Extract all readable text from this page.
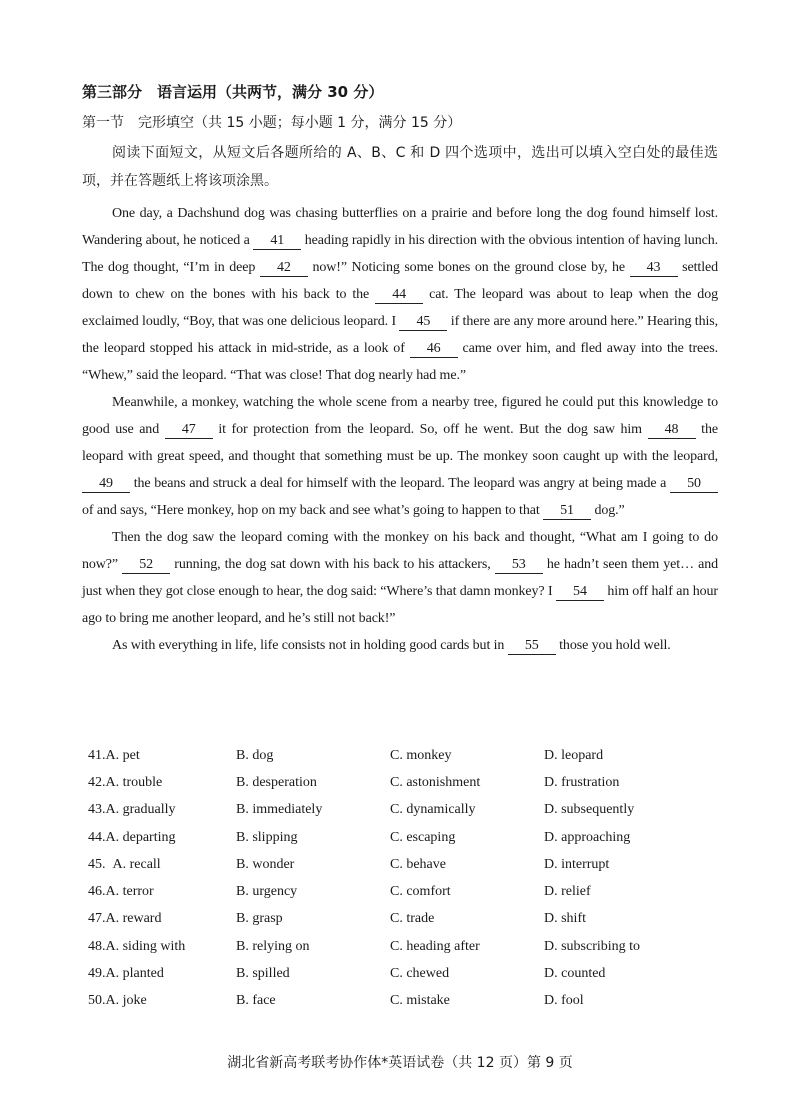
第三部分　语言运用（共两节，满分 30 分）
第一节　完形填空（共 15 小题；每小题 1 分，满分 15 分）

阅读下面短文，从短文后各题所给的 A、B、C 和 D 四个选项中，选出可以填入空白处的最佳选项，并在答题纸上将该项涂黑。

One day, a Dachshund dog was chasing butterflies on a prairie and before long the dog found himself lost. Wandering about, he noticed a 41 heading rapidly in his direction with the obvious intention of having lunch. The dog thought, “I’m in deep 42 now!” Noticing some bones on the ground close by, he 43 settled down to chew on the bones with his back to the 44 cat. The leopard was about to leap when the dog exclaimed loudly, “Boy, that was one delicious leopard. I 45 if there are any more around here.” Hearing this, the leopard stopped his attack in mid-stride, as a look of 46 came over him, and fled away into the trees. “Whew,” said the leopard. “That was close! That dog nearly had me.”

Meanwhile, a monkey, watching the whole scene from a nearby tree, figured he could put this knowledge to good use and 47 it for protection from the leopard. So, off he went. But the dog saw him 48 the leopard with great speed, and thought that something must be up. The monkey soon caught up with the leopard, 49 the beans and struck a deal for himself with the leopard. The leopard was angry at being made a 50 of and says, “Here monkey, hop on my back and see what’s going to happen to that 51 dog.”

Then the dog saw the leopard coming with the monkey on his back and thought, “What am I going to do now?” 52 running, the dog sat down with his back to his attackers, 53 he hadn’t seen them yet… and just when they got close enough to hear, the dog said: “Where’s that damn monkey? I 54 him off half an hour ago to bring me another leopard, and he’s still not back!”

As with everything in life, life consists not in holding good cards but in 55 those you hold well.

41.A. pet	B. dog	C. monkey	D. leopard
42.A. trouble	B. desperation	C. astonishment	D. frustration
43.A. gradually	B. immediately	C. dynamically	D. subsequently
44.A. departing	B. slipping	C. escaping	D. approaching
45.  A. recall	B. wonder	C. behave	D. interrupt
46.A. terror	B. urgency	C. comfort	D. relief
47.A. reward	B. grasp	C. trade	D. shift
48.A. siding with	B. relying on	C. heading after	D. subscribing to
49.A. planted	B. spilled	C. chewed	D. counted
50.A. joke	B. face	C. mistake	D. fool
湖北省新高考联考协作体*英语试卷（共 12 页）第 9 页
